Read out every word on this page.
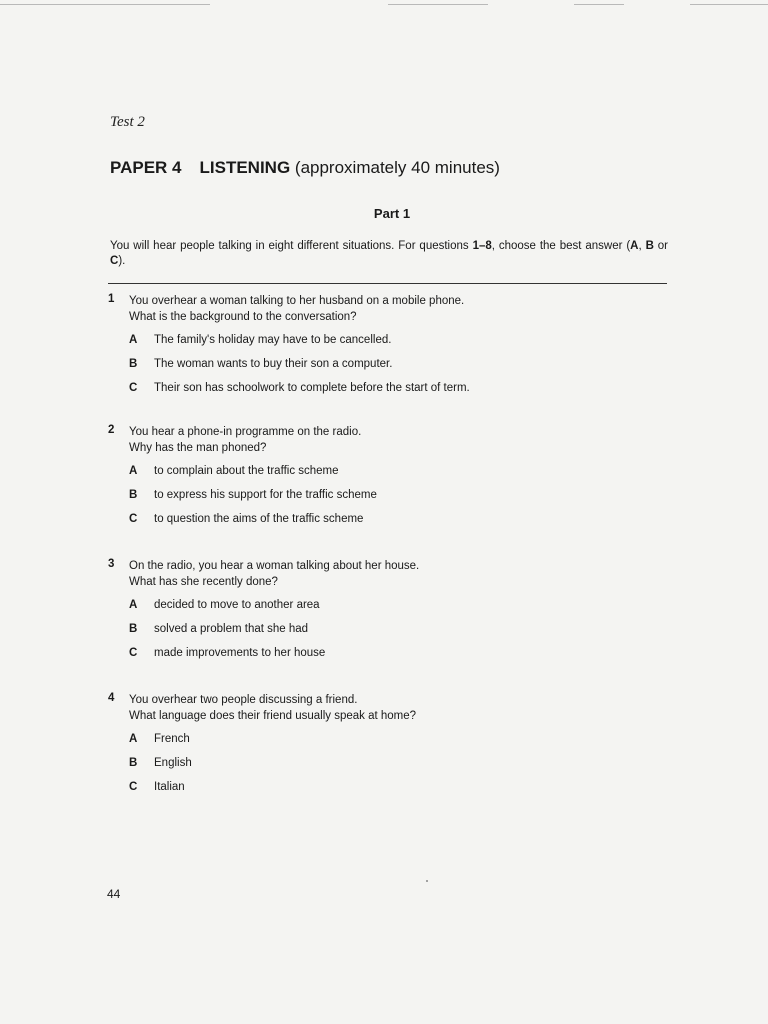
Test 2
PAPER 4 LISTENING (approximately 40 minutes)
Part 1
You will hear people talking in eight different situations. For questions 1–8, choose the best answer (A, B or C).
1	You overhear a woman talking to her husband on a mobile phone.
What is the background to the conversation?
A The family's holiday may have to be cancelled.
B The woman wants to buy their son a computer.
C Their son has schoolwork to complete before the start of term.
2	You hear a phone-in programme on the radio.
Why has the man phoned?
A to complain about the traffic scheme
B to express his support for the traffic scheme
C to question the aims of the traffic scheme
3	On the radio, you hear a woman talking about her house.
What has she recently done?
A decided to move to another area
B solved a problem that she had
C made improvements to her house
4	You overhear two people discussing a friend.
What language does their friend usually speak at home?
A French
B English
C Italian
44
